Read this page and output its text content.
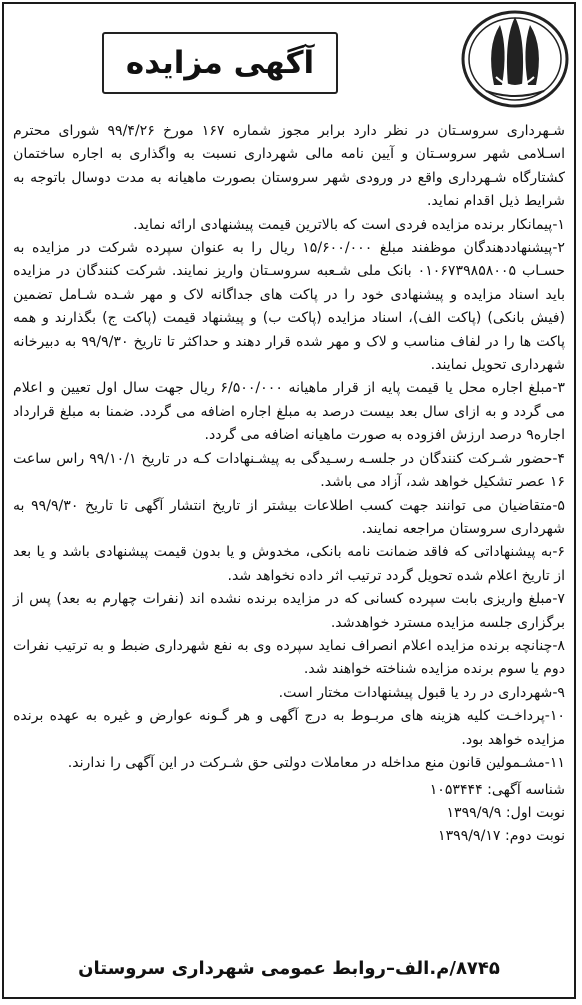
آگهی مزایده

شـهرداری سروسـتان در نظر دارد برابر مجوز شماره ۱۶۷ مورخ ۹۹/۴/۲۶ شورای محترم اسـلامی شهر سروسـتان و آیین نامه مالی شهرداری نسبت به واگذاری به اجاره ساختمان کشتارگاه شـهرداری واقع در ورودی شهر سروستان بصورت ماهیانه به مدت دوسال باتوجه به شرایط ذیل اقدام نماید.

۱-پیمانکار برنده مزایده فردی است که بالاترین قیمت پیشنهادی ارائه نماید.

۲-پیشنهاددهندگان موظفند مبلغ ۱۵/۶۰۰/۰۰۰ ریال را به عنوان سپرده شرکت در مزایده به حسـاب ۰۱۰۶۷۳۹۸۵۸۰۰۵ بانک ملی شـعبه سروسـتان واریز نمایند. شرکت کنندگان در مزایده باید اسناد مزایده و پیشنهادی خود را در پاکت های جداگانه لاک و مهر شـده شـامل تضمین (فیش بانکی) (پاکت الف)، اسناد مزایده (پاکت ب) و پیشنهاد قیمت (پاکت ج) بگذارند و همه پاکت ها را در لفاف مناسب و لاک و مهر شده قرار دهند و حداکثر تا تاریخ ۹۹/۹/۳۰ به دبیرخانه شهرداری تحویل نمایند.

۳-مبلغ اجاره محل یا قیمت پایه از قرار ماهیانه ۶/۵۰۰/۰۰۰ ریال جهت سال اول تعیین و اعلام می گردد و به ازای سال بعد بیست درصد به مبلغ اجاره اضافه می گردد. ضمنا به مبلغ قرارداد اجاره۹ درصد ارزش افزوده به صورت ماهیانه اضافه می گردد.

۴-حضور شـرکت کنندگان در جلسـه رسـیدگی به پیشـنهادات کـه در تاریخ ۹۹/۱۰/۱ راس ساعت ۱۶ عصر تشکیل خواهد شد، آزاد می باشد.

۵-متقاضیان می توانند جهت کسب اطلاعات بیشتر از تاریخ انتشار آگهی تا تاریخ ۹۹/۹/۳۰ به شهرداری سروستان مراجعه نمایند.

۶-به پیشنهاداتی که فاقد ضمانت نامه بانکی، مخدوش و یا بدون قیمت پیشنهادی باشد و یا بعد از تاریخ اعلام شده تحویل گردد ترتیب اثر داده نخواهد شد.

۷-مبلغ واریزی بابت سپرده کسانی که در مزایده برنده نشده اند (نفرات چهارم به بعد) پس از برگزاری جلسه مزایده مسترد خواهدشد.

۸-چنانچه برنده مزایده اعلام انصراف نماید سپرده وی به نفع شهرداری ضبط و به ترتیب نفرات دوم یا سوم برنده مزایده شناخته خواهند شد.

۹-شهرداری در رد یا قبول پیشنهادات مختار است.

۱۰-پرداخـت کلیه هزینه های مربـوط به درج آگهی و هر گـونه عوارض و غیره به عهده برنده مزایده خواهد بود.

۱۱-مشـمولین قانون منع مداخله در معاملات دولتی حق شـرکت در این آگهی را ندارند.

شناسه آگهی: ۱۰۵۳۴۴۴
نوبت اول: ۱۳۹۹/۹/۹
نوبت دوم: ۱۳۹۹/۹/۱۷
۸۷۴۵/م.الف–روابط عمومی شهرداری سروستان
